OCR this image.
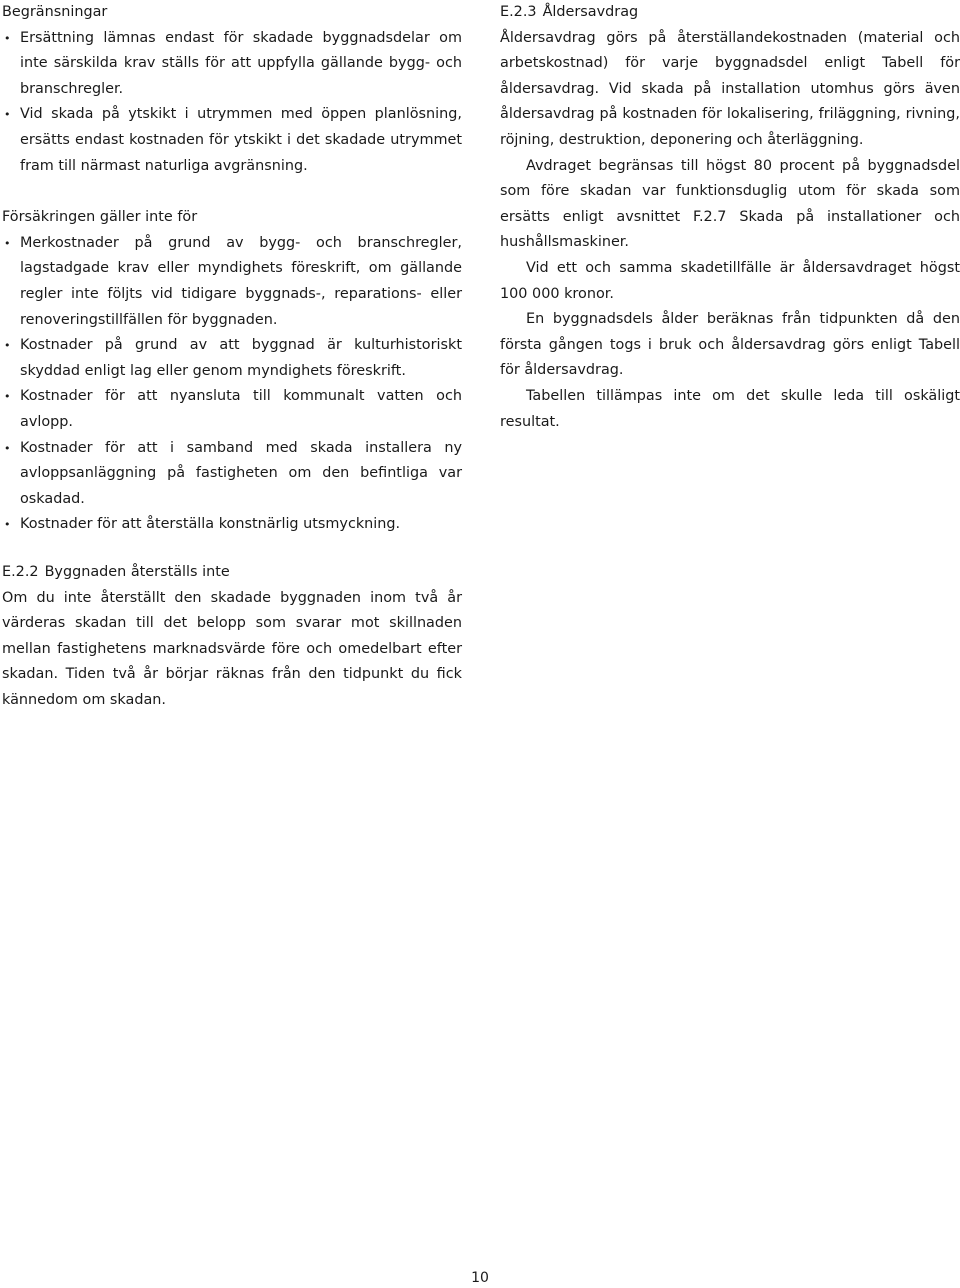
Begränsningar

• Ersättning lämnas endast för skadade byggnadsdelar om inte särskilda krav ställs för att uppfylla gällande bygg- och branschregler.
• Vid skada på ytskikt i utrymmen med öppen planlösning, ersätts endast kostnaden för ytskikt i det skadade utrymmet fram till närmast naturliga avgränsning.

Försäkringen gäller inte för

• Merkostnader på grund av bygg- och branschregler, lagstadgade krav eller myndighets föreskrift, om gällande regler inte följts vid tidigare byggnads-, reparations- eller renoveringstillfällen för byggnaden.
• Kostnader på grund av att byggnad är kulturhistoriskt skyddad enligt lag eller genom myndighets föreskrift.
• Kostnader för att nyansluta till kommunalt vatten och avlopp.
• Kostnader för att i samband med skada installera ny avloppsanläggning på fastigheten om den befintliga var oskadad.
• Kostnader för att återställa konstnärlig utsmyckning.

E.2.2 Byggnaden återställs inte

Om du inte återställt den skadade byggnaden inom två år värderas skadan till det belopp som svarar mot skillnaden mellan fastighetens marknadsvärde före och omedelbart efter skadan. Tiden två år börjar räknas från den tidpunkt du fick kännedom om skadan.

E.2.3 Åldersavdrag

Åldersavdrag görs på återställandekostnaden (material och arbetskostnad) för varje byggnadsdel enligt Tabell för åldersavdrag. Vid skada på installation utomhus görs även åldersavdrag på kostnaden för lokalisering, friläggning, rivning, röjning, destruktion, deponering och återläggning.

Avdraget begränsas till högst 80 procent på byggnadsdel som före skadan var funktionsduglig utom för skada som ersätts enligt avsnittet F.2.7 Skada på installationer och hushållsmaskiner.

Vid ett och samma skadetillfälle är åldersavdraget högst 100 000 kronor.

En byggnadsdels ålder beräknas från tidpunkten då den första gången togs i bruk och åldersavdrag görs enligt Tabell för åldersavdrag.

Tabellen tillämpas inte om det skulle leda till oskäligt resultat.

10
